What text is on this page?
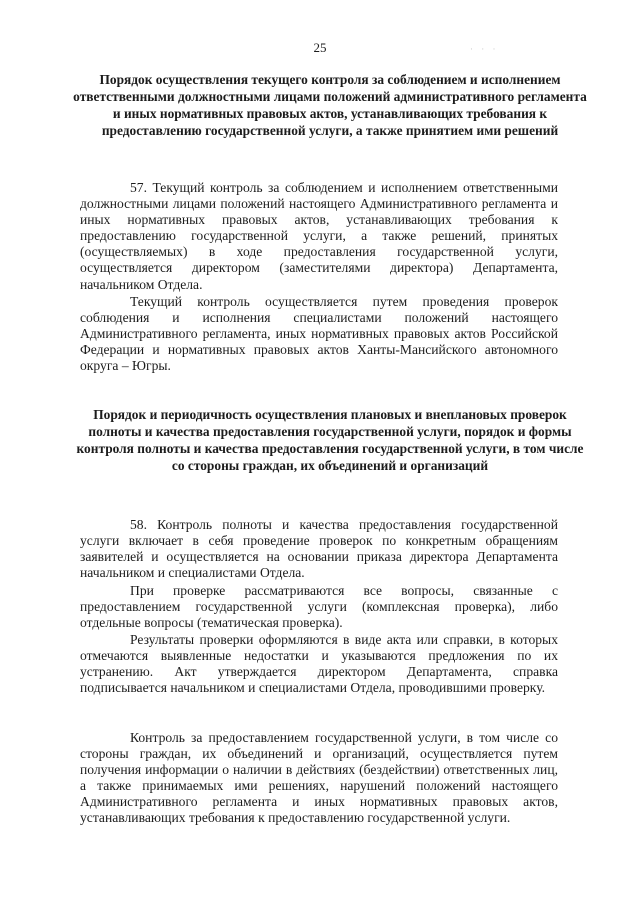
25	· · ·
Порядок осуществления текущего контроля за соблюдением и исполнением ответственными должностными лицами положений административного регламента и иных нормативных правовых актов, устанавливающих требования к предоставлению государственной услуги, а также принятием ими решений

57. Текущий контроль за соблюдением и исполнением ответственными должностными лицами положений настоящего Административного регламента и иных нормативных правовых актов, устанавливающих требования к предоставлению государственной услуги, а также решений, принятых (осуществляемых) в ходе предоставления государственной услуги, осуществляется директором (заместителями директора) Департамента, начальником Отдела.

Текущий контроль осуществляется путем проведения проверок соблюдения и исполнения специалистами положений настоящего Административного регламента, иных нормативных правовых актов Российской Федерации и нормативных правовых актов Ханты-Мансийского автономного округа – Югры.

Порядок и периодичность осуществления плановых и внеплановых проверок полноты и качества предоставления государственной услуги, порядок и формы контроля полноты и качества предоставления государственной услуги, в том числе со стороны граждан, их объединений и организаций

58. Контроль полноты и качества предоставления государственной услуги включает в себя проведение проверок по конкретным обращениям заявителей и осуществляется на основании приказа директора Департамента начальником и специалистами Отдела.

При проверке рассматриваются все вопросы, связанные с предоставлением государственной услуги (комплексная проверка), либо отдельные вопросы (тематическая проверка).

Результаты проверки оформляются в виде акта или справки, в которых отмечаются выявленные недостатки и указываются предложения по их устранению. Акт утверждается директором Департамента, справка подписывается начальником и специалистами Отдела, проводившими проверку.

Контроль за предоставлением государственной услуги, в том числе со стороны граждан, их объединений и организаций, осуществляется путем получения информации о наличии в действиях (бездействии) ответственных лиц, а также принимаемых ими решениях, нарушений положений настоящего Административного регламента и иных нормативных правовых актов, устанавливающих требования к предоставлению государственной услуги.
